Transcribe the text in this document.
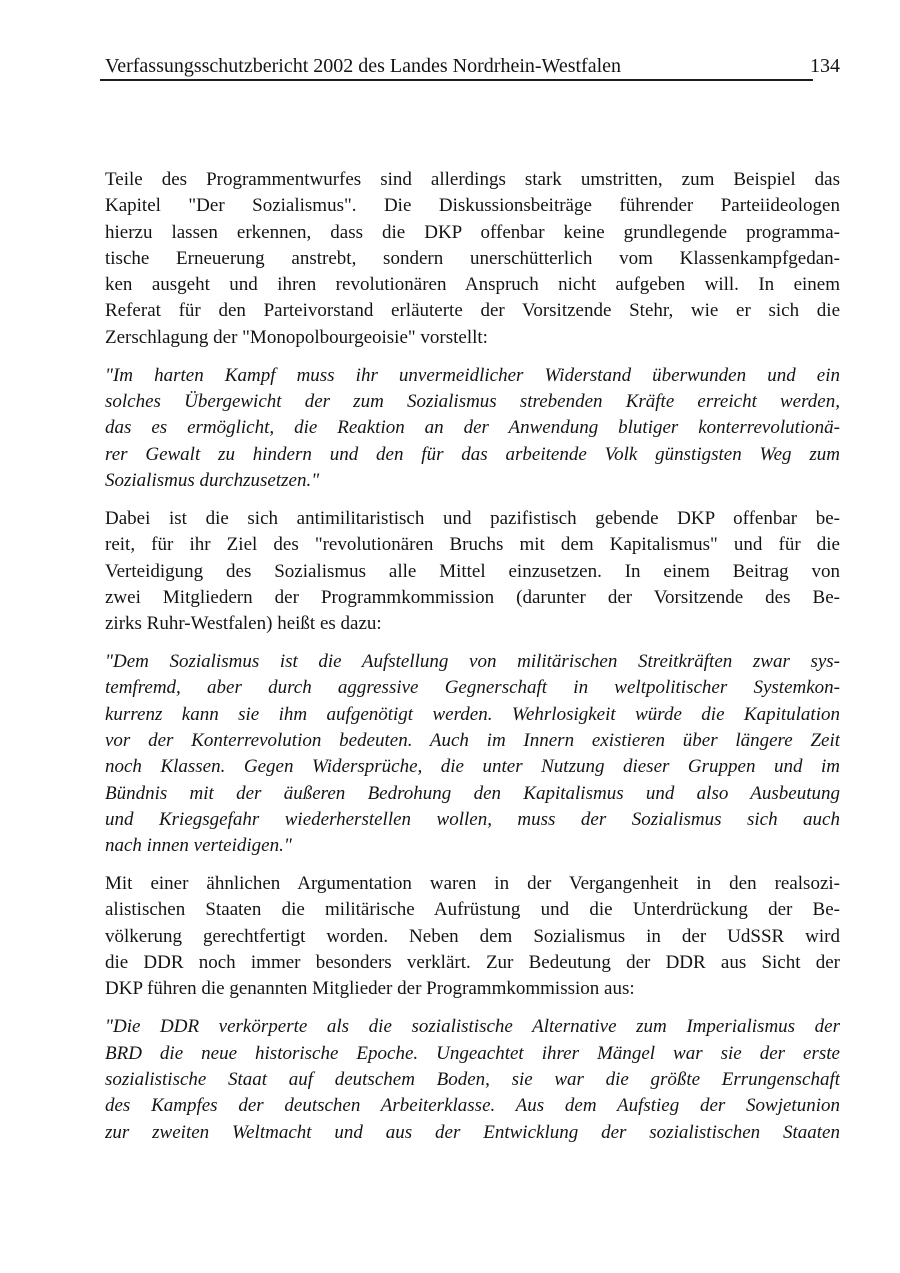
Verfassungsschutzbericht 2002 des Landes Nordrhein-Westfalen	134
Teile des Programmentwurfes sind allerdings stark umstritten, zum Beispiel das
Kapitel "Der Sozialismus". Die Diskussionsbeiträge führender Parteiideologen
hierzu lassen erkennen, dass die DKP offenbar keine grundlegende programma-
tische Erneuerung anstrebt, sondern unerschütterlich vom Klassenkampfgedan-
ken ausgeht und ihren revolutionären Anspruch nicht aufgeben will. In einem
Referat für den Parteivorstand erläuterte der Vorsitzende Stehr, wie er sich die
Zerschlagung der "Monopolbourgeoisie" vorstellt:
"Im harten Kampf muss ihr unvermeidlicher Widerstand überwunden und ein
solches Übergewicht der zum Sozialismus strebenden Kräfte erreicht werden,
das es ermöglicht, die Reaktion an der Anwendung blutiger konterrevolutionä-
rer Gewalt zu hindern und den für das arbeitende Volk günstigsten Weg zum
Sozialismus durchzusetzen."
Dabei ist die sich antimilitaristisch und pazifistisch gebende DKP offenbar be-
reit, für ihr Ziel des "revolutionären Bruchs mit dem Kapitalismus" und für die
Verteidigung des Sozialismus alle Mittel einzusetzen. In einem Beitrag von
zwei Mitgliedern der Programmkommission (darunter der Vorsitzende des Be-
zirks Ruhr-Westfalen) heißt es dazu:
"Dem Sozialismus ist die Aufstellung von militärischen Streitkräften zwar sys-
temfremd, aber durch aggressive Gegnerschaft in weltpolitischer Systemkon-
kurrenz kann sie ihm aufgenötigt werden. Wehrlosigkeit würde die Kapitulation
vor der Konterrevolution bedeuten. Auch im Innern existieren über längere Zeit
noch Klassen. Gegen Widersprüche, die unter Nutzung dieser Gruppen und im
Bündnis mit der äußeren Bedrohung den Kapitalismus und also Ausbeutung
und Kriegsgefahr wiederherstellen wollen, muss der Sozialismus sich auch
nach innen verteidigen."
Mit einer ähnlichen Argumentation waren in der Vergangenheit in den realsozi-
alistischen Staaten die militärische Aufrüstung und die Unterdrückung der Be-
völkerung gerechtfertigt worden. Neben dem Sozialismus in der UdSSR wird
die DDR noch immer besonders verklärt. Zur Bedeutung der DDR aus Sicht der
DKP führen die genannten Mitglieder der Programmkommission aus:
"Die DDR verkörperte als die sozialistische Alternative zum Imperialismus der
BRD die neue historische Epoche. Ungeachtet ihrer Mängel war sie der erste
sozialistische Staat auf deutschem Boden, sie war die größte Errungenschaft
des Kampfes der deutschen Arbeiterklasse. Aus dem Aufstieg der Sowjetunion
zur zweiten Weltmacht und aus der Entwicklung der sozialistischen Staaten
